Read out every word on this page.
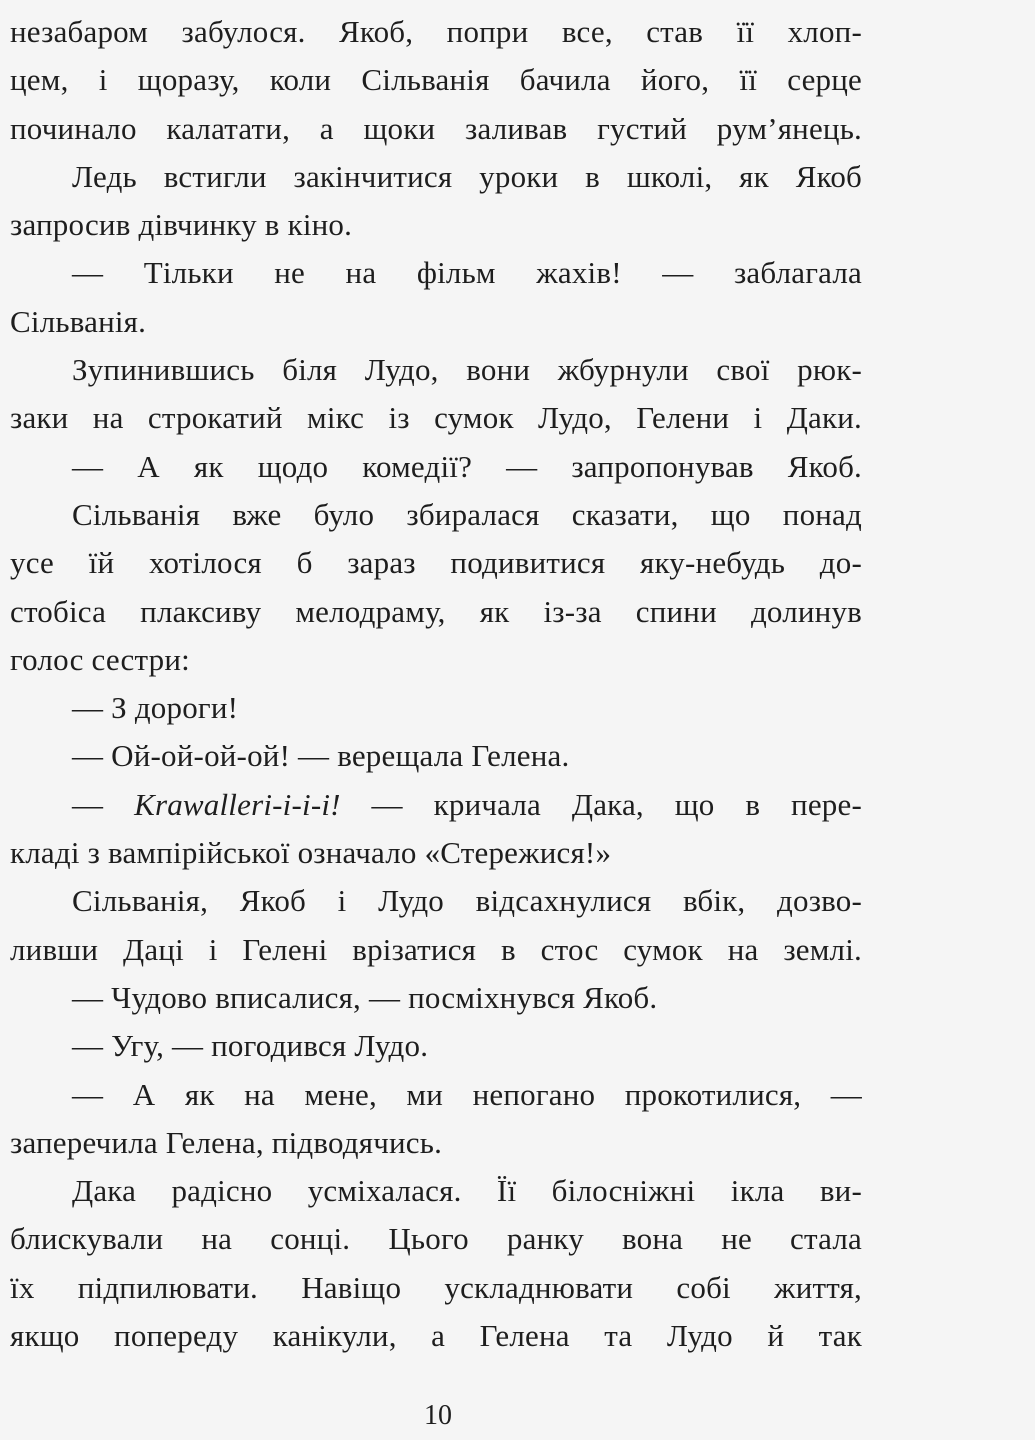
незабаром забулося. Якоб, попри все, став її хлоп-
цем, і щоразу, коли Сільванія бачила його, її серце
починало калатати, а щоки заливав густий рум’янець.
Ледь встигли закінчитися уроки в школі, як Якоб
запросив дівчинку в кіно.
— Тільки не на фільм жахів! — заблагала
Сільванія.
Зупинившись біля Лудо, вони жбурнули свої рюк-
заки на строкатий мікс із сумок Лудо, Гелени і Даки.
— А як щодо комедії? — запропонував Якоб.
Сільванія вже було збиралася сказати, що понад
усе їй хотілося б зараз подивитися яку-небудь до-
стобіса плаксиву мелодраму, як із-за спини долинув
голос сестри:
— З дороги!
— Ой-ой-ой-ой! — верещала Гелена.
— Krawalleri-i-i-i! — кричала Дака, що в пере-
кладі з вампірійської означало «Стережися!»
Сільванія, Якоб і Лудо відсахнулися вбік, дозво-
ливши Даці і Гелені врізатися в стос сумок на землі.
— Чудово вписалися, — посміхнувся Якоб.
— Угу, — погодився Лудо.
— А як на мене, ми непогано прокотилися, —
заперечила Гелена, підводячись.
Дака радісно усміхалася. Її білосніжні ікла ви-
блискували на сонці. Цього ранку вона не стала
їх підпилювати. Навіщо ускладнювати собі життя,
якщо попереду канікули, а Гелена та Лудо й так
10
